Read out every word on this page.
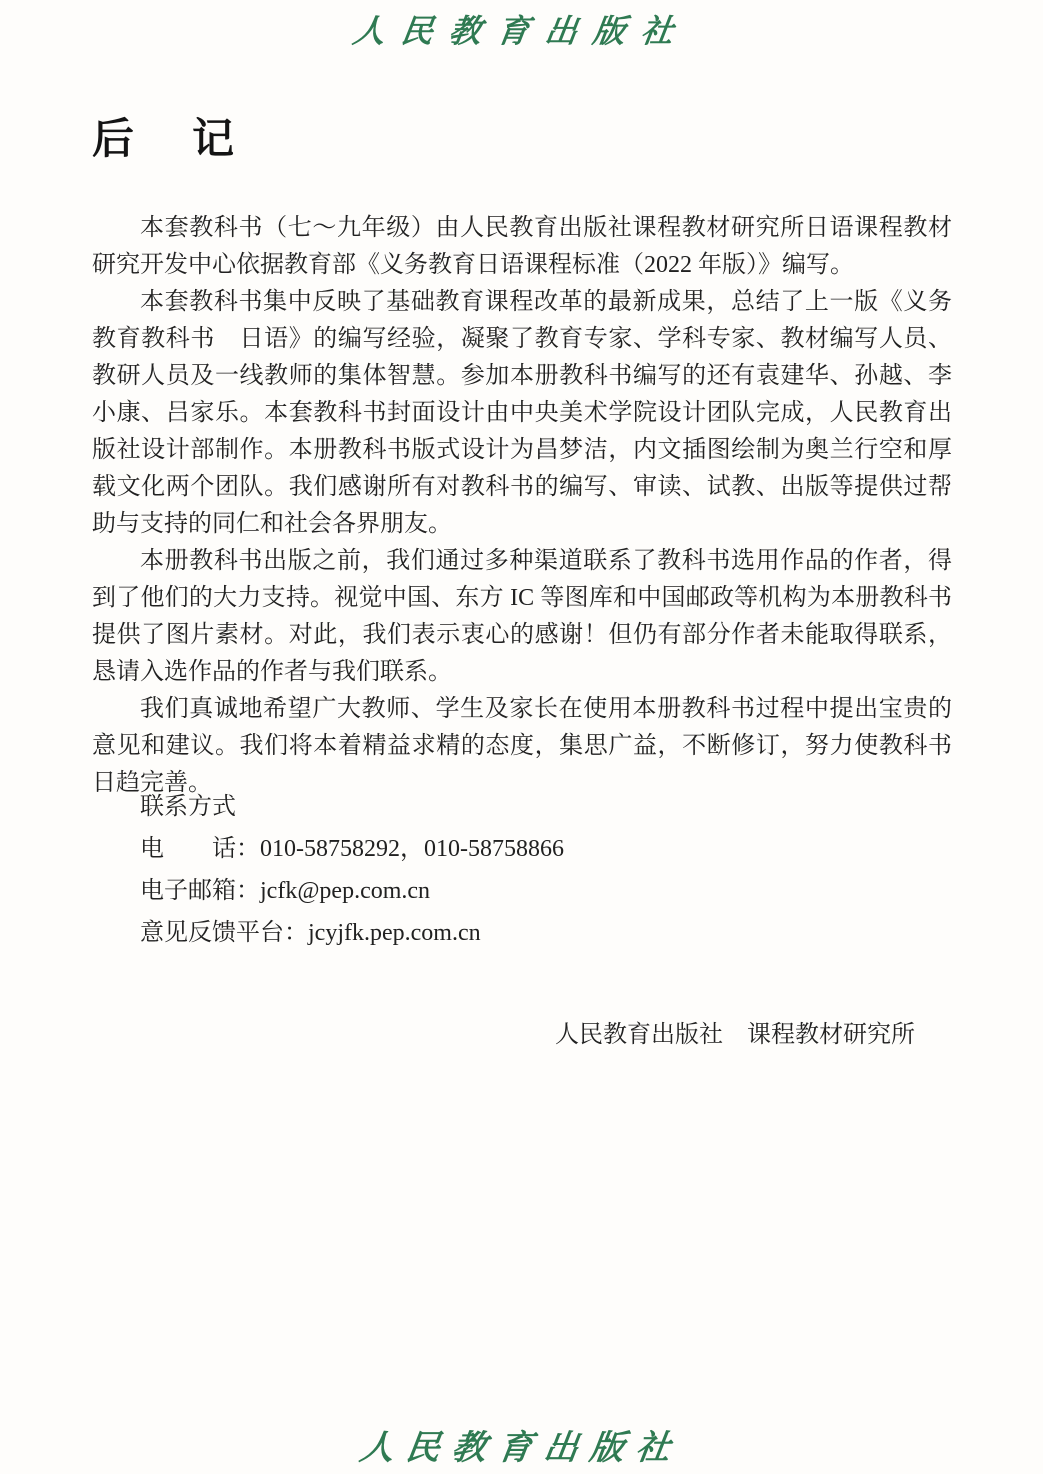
人民教育出版社
后　记

本套教科书（七～九年级）由人民教育出版社课程教材研究所日语课程教材研究开发中心依据教育部《义务教育日语课程标准（2022 年版）》编写。

本套教科书集中反映了基础教育课程改革的最新成果，总结了上一版《义务教育教科书　日语》的编写经验，凝聚了教育专家、学科专家、教材编写人员、教研人员及一线教师的集体智慧。参加本册教科书编写的还有袁建华、孙越、李小康、吕家乐。本套教科书封面设计由中央美术学院设计团队完成，人民教育出版社设计部制作。本册教科书版式设计为昌梦洁，内文插图绘制为奥兰行空和厚载文化两个团队。我们感谢所有对教科书的编写、审读、试教、出版等提供过帮助与支持的同仁和社会各界朋友。

本册教科书出版之前，我们通过多种渠道联系了教科书选用作品的作者，得到了他们的大力支持。视觉中国、东方 IC 等图库和中国邮政等机构为本册教科书提供了图片素材。对此，我们表示衷心的感谢！但仍有部分作者未能取得联系，恳请入选作品的作者与我们联系。

我们真诚地希望广大教师、学生及家长在使用本册教科书过程中提出宝贵的意见和建议。我们将本着精益求精的态度，集思广益，不断修订，努力使教科书日趋完善。

联系方式

电　　话：010-58758292，010-58758866

电子邮箱：jcfk@pep.com.cn

意见反馈平台：jcyjfk.pep.com.cn

人民教育出版社　课程教材研究所
人民教育出版社
